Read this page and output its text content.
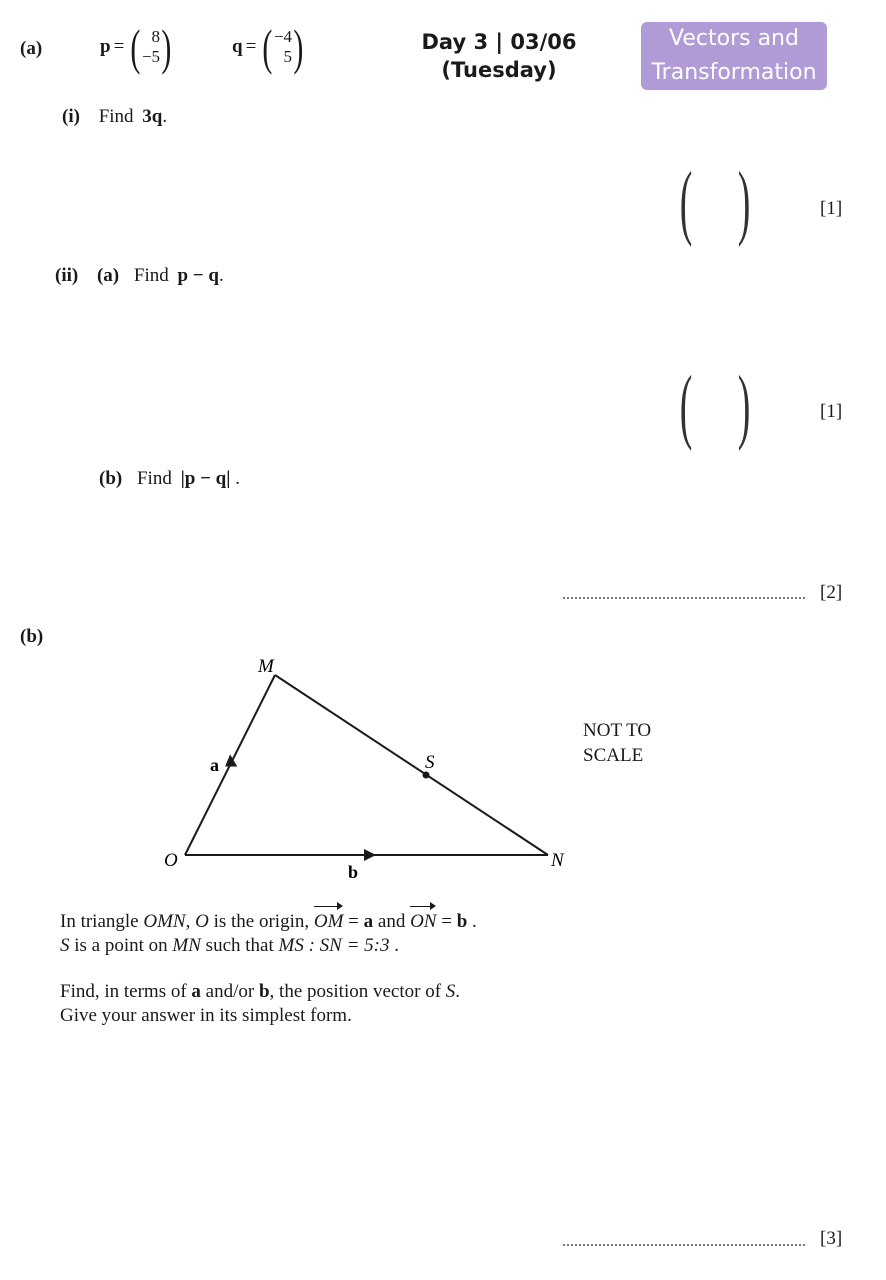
Day 3 | 03/06
(Tuesday)
Vectors and
Transformation
(a)	p = ( 8
−5 )	q = ( −4
5 )
(i) Find 3q.
( )	[1]
(ii) (a) Find p − q.
( )	[1]
(b) Find |p − q| .
[2]
(b)
M
O	N
S
a
b
NOT TO
SCALE
In triangle OMN, O is the origin, OM = a and ON = b .
S is a point on MN such that MS : SN = 5:3 .
Find, in terms of a and/or b, the position vector of S.
Give your answer in its simplest form.
[3]
